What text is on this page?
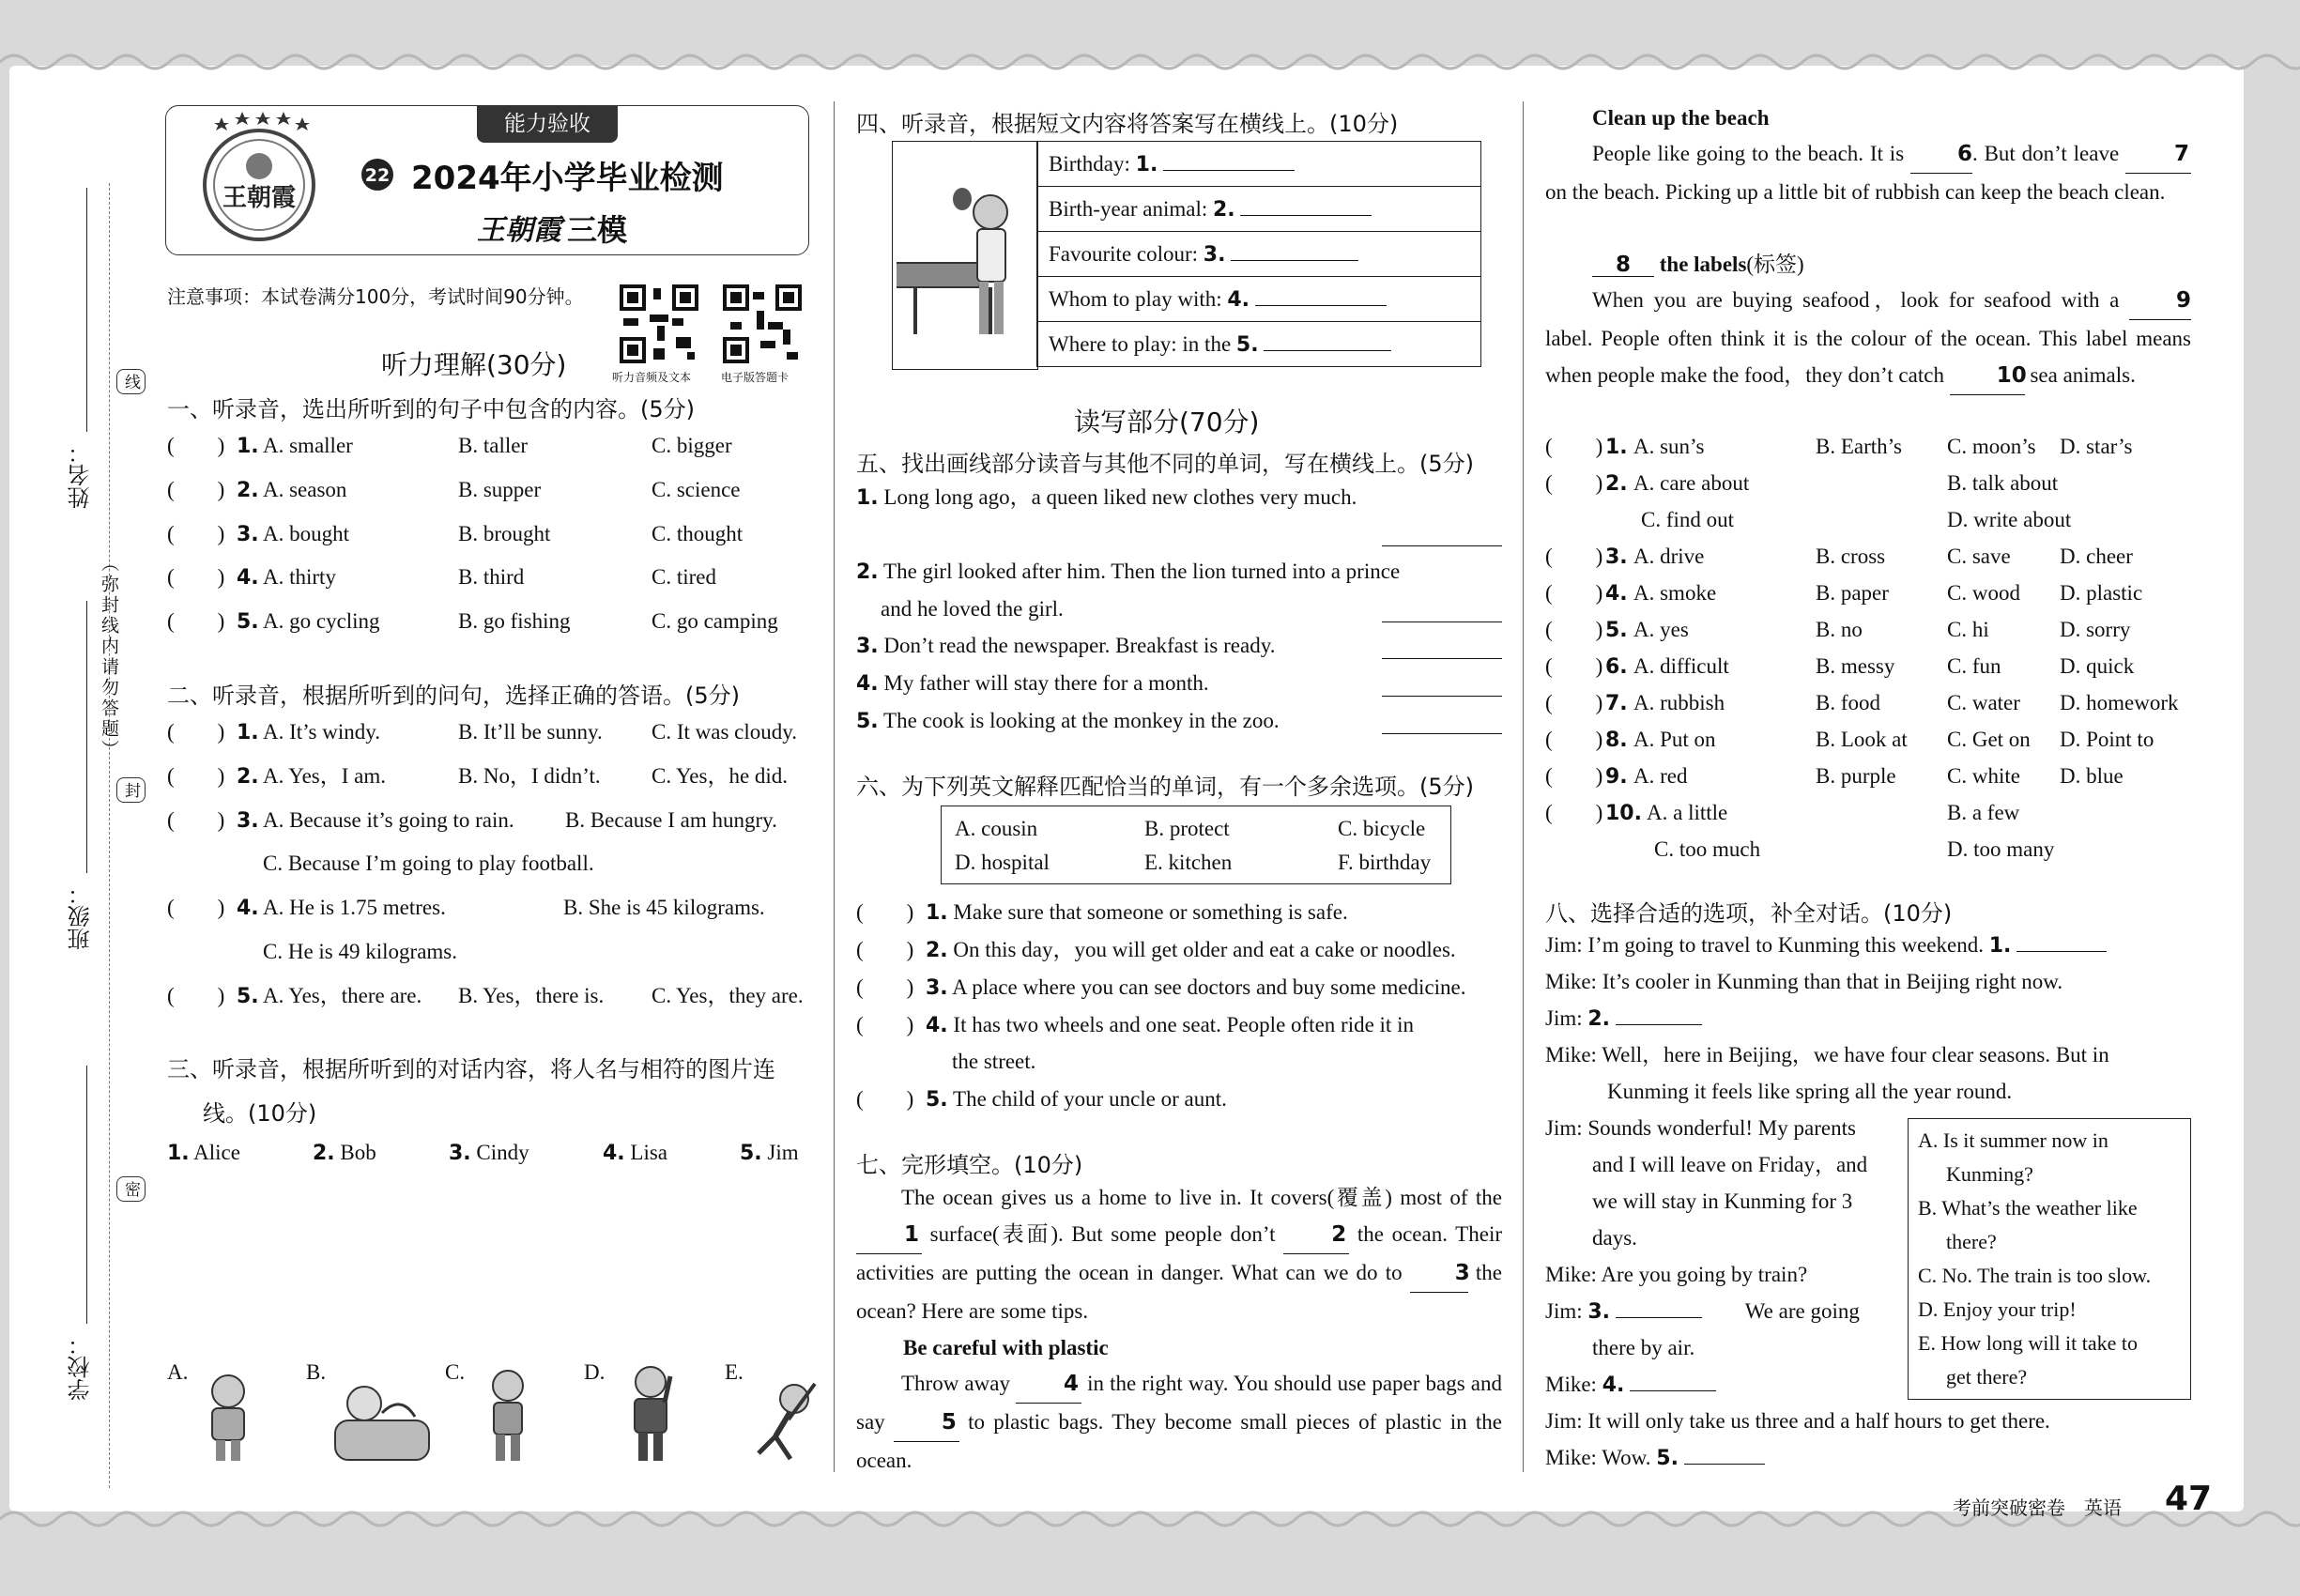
姓名：
班级：
学校：
线
封
密
（弥封线内请勿答题）
能力验收
王朝霞
22 2024年小学毕业检测
王朝霞 三模
注意事项：本试卷满分100分，考试时间90分钟。
听力音频及文本	电子版答题卡
听力理解(30分)
一、听录音，选出所听到的句子中包含的内容。(5分)
(　　) 1. A. smaller	B. taller	C. bigger
(　　) 2. A. season	B. supper	C. science
(　　) 3. A. bought	B. brought	C. thought
(　　) 4. A. thirty	B. third	C. tired
(　　) 5. A. go cycling	B. go fishing	C. go camping
二、听录音，根据所听到的问句，选择正确的答语。(5分)
(　　) 1. A. It’s windy.	B. It’ll be sunny. C. It was cloudy.
(　　) 2. A. Yes，I am.	B. No，I didn’t. C. Yes，he did.
(　　) 3. A. Because it’s going to rain. B. Because I am hungry.
C. Because I’m going to play football.
(　　) 4. A. He is 1.75 metres.	B. She is 45 kilograms.
C. He is 49 kilograms.
(　　) 5. A. Yes，there are. B. Yes，there is. C. Yes，they are.
三、听录音，根据所听到的对话内容，将人名与相符的图片连
线。(10分)
1. Alice	2. Bob	3. Cindy	4. Lisa	5. Jim
A.	B.	C.	D.	E.
四、听录音，根据短文内容将答案写在横线上。(10分)
Birthday: 1.
Birth-year animal: 2.
Favourite colour: 3.
Whom to play with: 4.
Where to play: in the 5.
读写部分(70分)
五、找出画线部分读音与其他不同的单词，写在横线上。(5分)
1. Long long ago，a queen liked new clothes very much.
2. The girl looked after him. Then the lion turned into a prince
and he loved the girl.
3. Don’t read the newspaper. Breakfast is ready.
4. My father will stay there for a month.
5. The cook is looking at the monkey in the zoo.
六、为下列英文解释匹配恰当的单词，有一个多余选项。(5分)
A. cousin	B. protect	C. bicycle
D. hospital	E. kitchen	F. birthday
(　　) 1. Make sure that someone or something is safe.
(　　) 2. On this day，you will get older and eat a cake or noodles.
(　　) 3. A place where you can see doctors and buy some medicine.
(　　) 4. It has two wheels and one seat. People often ride it in
the street.
(　　) 5. The child of your uncle or aunt.
七、完形填空。(10分)
The ocean gives us a home to live in. It covers(覆盖) most of the 1 surface(表面). But some people don’t 2 the ocean. Their activities are putting the ocean in danger. What can we do to 3 the ocean? Here are some tips.
Be careful with plastic
Throw away 4 in the right way. You should use paper bags and say 5 to plastic bags. They become small pieces of plastic in the ocean.
Clean up the beach
People like going to the beach. It is 6. But don’t leave 7 on the beach. Picking up a little bit of rubbish can keep the beach clean.
8 the labels(标签)
When you are buying seafood，look for seafood with a 9 label. People often think it is the colour of the ocean. This label means when people make the food，they don’t catch 10 sea animals.
(　　) 1. A. sun’s	B. Earth’s C. moon’s D. star’s
(　　) 2. A. care about	B. talk about
C. find out	D. write about
(　　) 3. A. drive	B. cross	C. save D. cheer
(　　) 4. A. smoke	B. paper	C. wood D. plastic
(　　) 5. A. yes	B. no	C. hi	D. sorry
(　　) 6. A. difficult	B. messy C. fun	D. quick
(　　) 7. A. rubbish	B. food	C. water D. homework
(　　) 8. A. Put on	B. Look at C. Get on D. Point to
(　　) 9. A. red	B. purple C. white D. blue
(　　) 10. A. a little	B. a few
C. too much	D. too many
八、选择合适的选项，补全对话。(10分)
Jim: I’m going to travel to Kunming this weekend. 1.
Mike: It’s cooler in Kunming than that in Beijing right now.
Jim: 2.
Mike: Well，here in Beijing，we have four clear seasons. But in
Kunming it feels like spring all the year round.
Jim: Sounds wonderful! My parents
and I will leave on Friday，and
we will stay in Kunming for 3
days.
Mike: Are you going by train?
Jim: 3. 　　	We are going
there by air.
Mike: 4.
Jim: It will only take us three and a half hours to get there.
Mike: Wow. 5.
A. Is it summer now in
Kunming?
B. What’s the weather like
there?
C. No. The train is too slow.
D. Enjoy your trip!
E. How long will it take to
get there?
考前突破密卷　英语 47
